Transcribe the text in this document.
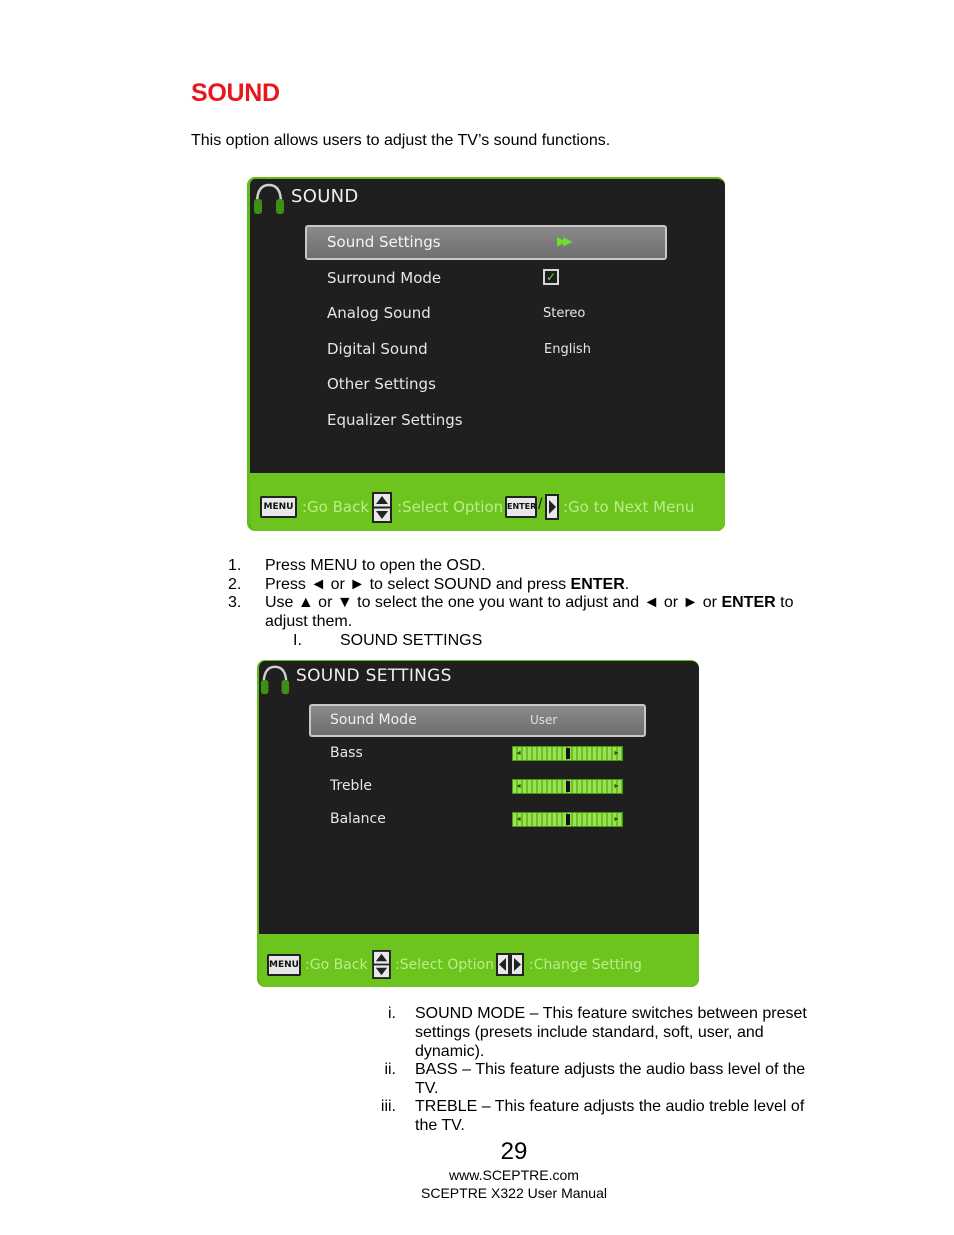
SOUND
This option allows users to adjust the TV’s sound functions.
SOUND
Sound Settings	▶▶
Surround Mode	✓
Analog Sound	Stereo
Digital Sound	English
Other Settings
Equalizer Settings
MENU :Go Back :Select Option ENTER / :Go to Next Menu
1. Press MENU to open the OSD.
2. Press ◄ or ► to select SOUND and press ENTER.
3. Use ▲ or ▼ to select the one you want to adjust and ◄ or ► or ENTER to adjust them.
I. SOUND SETTINGS
SOUND SETTINGS
Sound Mode	User
Bass	◄	►
Treble	◄	►
Balance	◄	►
MENU :Go Back :Select Option :Change Setting
i. SOUND MODE – This feature switches between preset settings (presets include standard, soft, user, and dynamic).
ii. BASS – This feature adjusts the audio bass level of the TV.
iii. TREBLE – This feature adjusts the audio treble level of the TV.
29
www.SCEPTRE.com
SCEPTRE X322 User Manual
